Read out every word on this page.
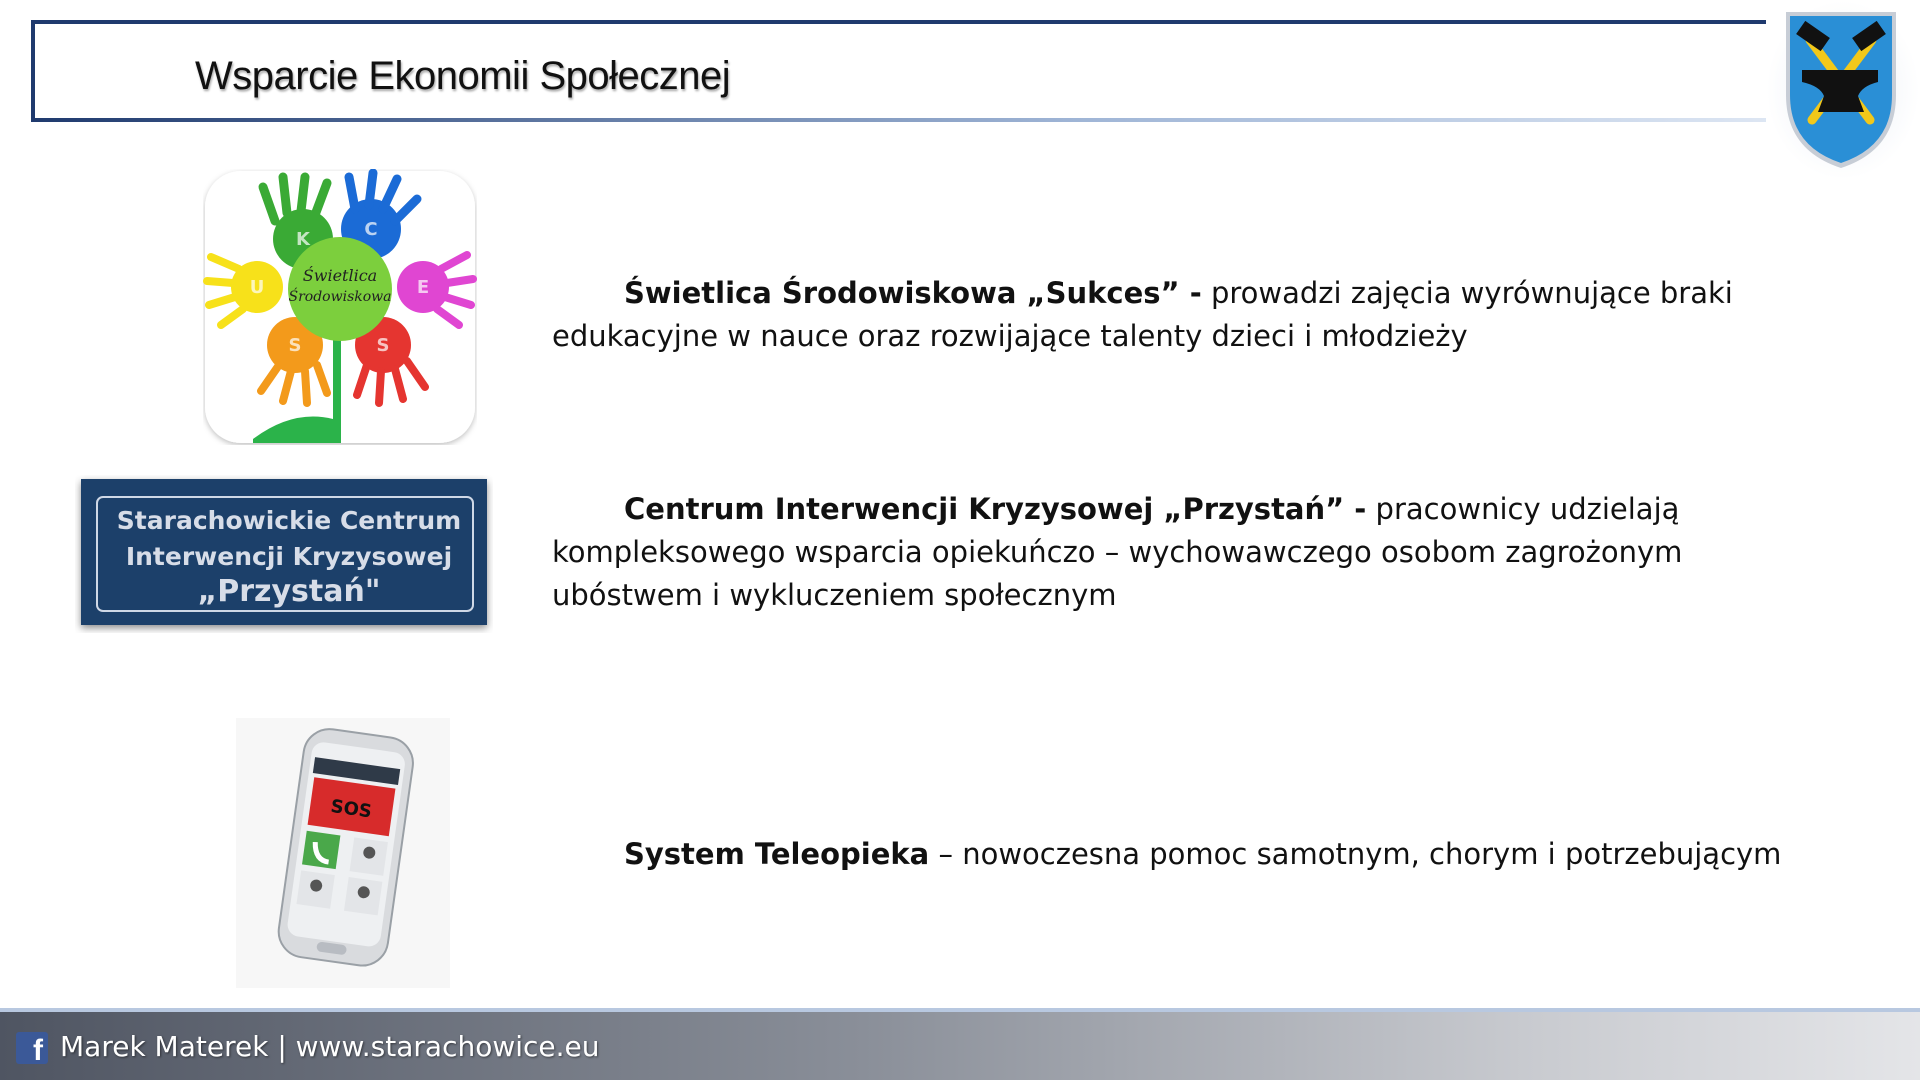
Wsparcie Ekonomii Społecznej
Świetlica
Środowiskowa
K	C
E
S	S
U	Świetlica Środowiskowa „Sukces” - prowadzi zajęcia wyrównujące braki edukacyjne w nauce oraz rozwijające talenty dzieci i młodzieży
Starachowickie Centrum
Interwencji Kryzysowej
„Przystań"
Centrum Interwencji Kryzysowej „Przystań” - pracownicy udzielają kompleksowego wsparcia opiekuńczo – wychowawczego osobom zagrożonym ubóstwem i wykluczeniem społecznym
SOS
System Teleopieka – nowoczesna pomoc samotnym, chorym i potrzebującym
f Marek Materek | www.starachowice.eu
